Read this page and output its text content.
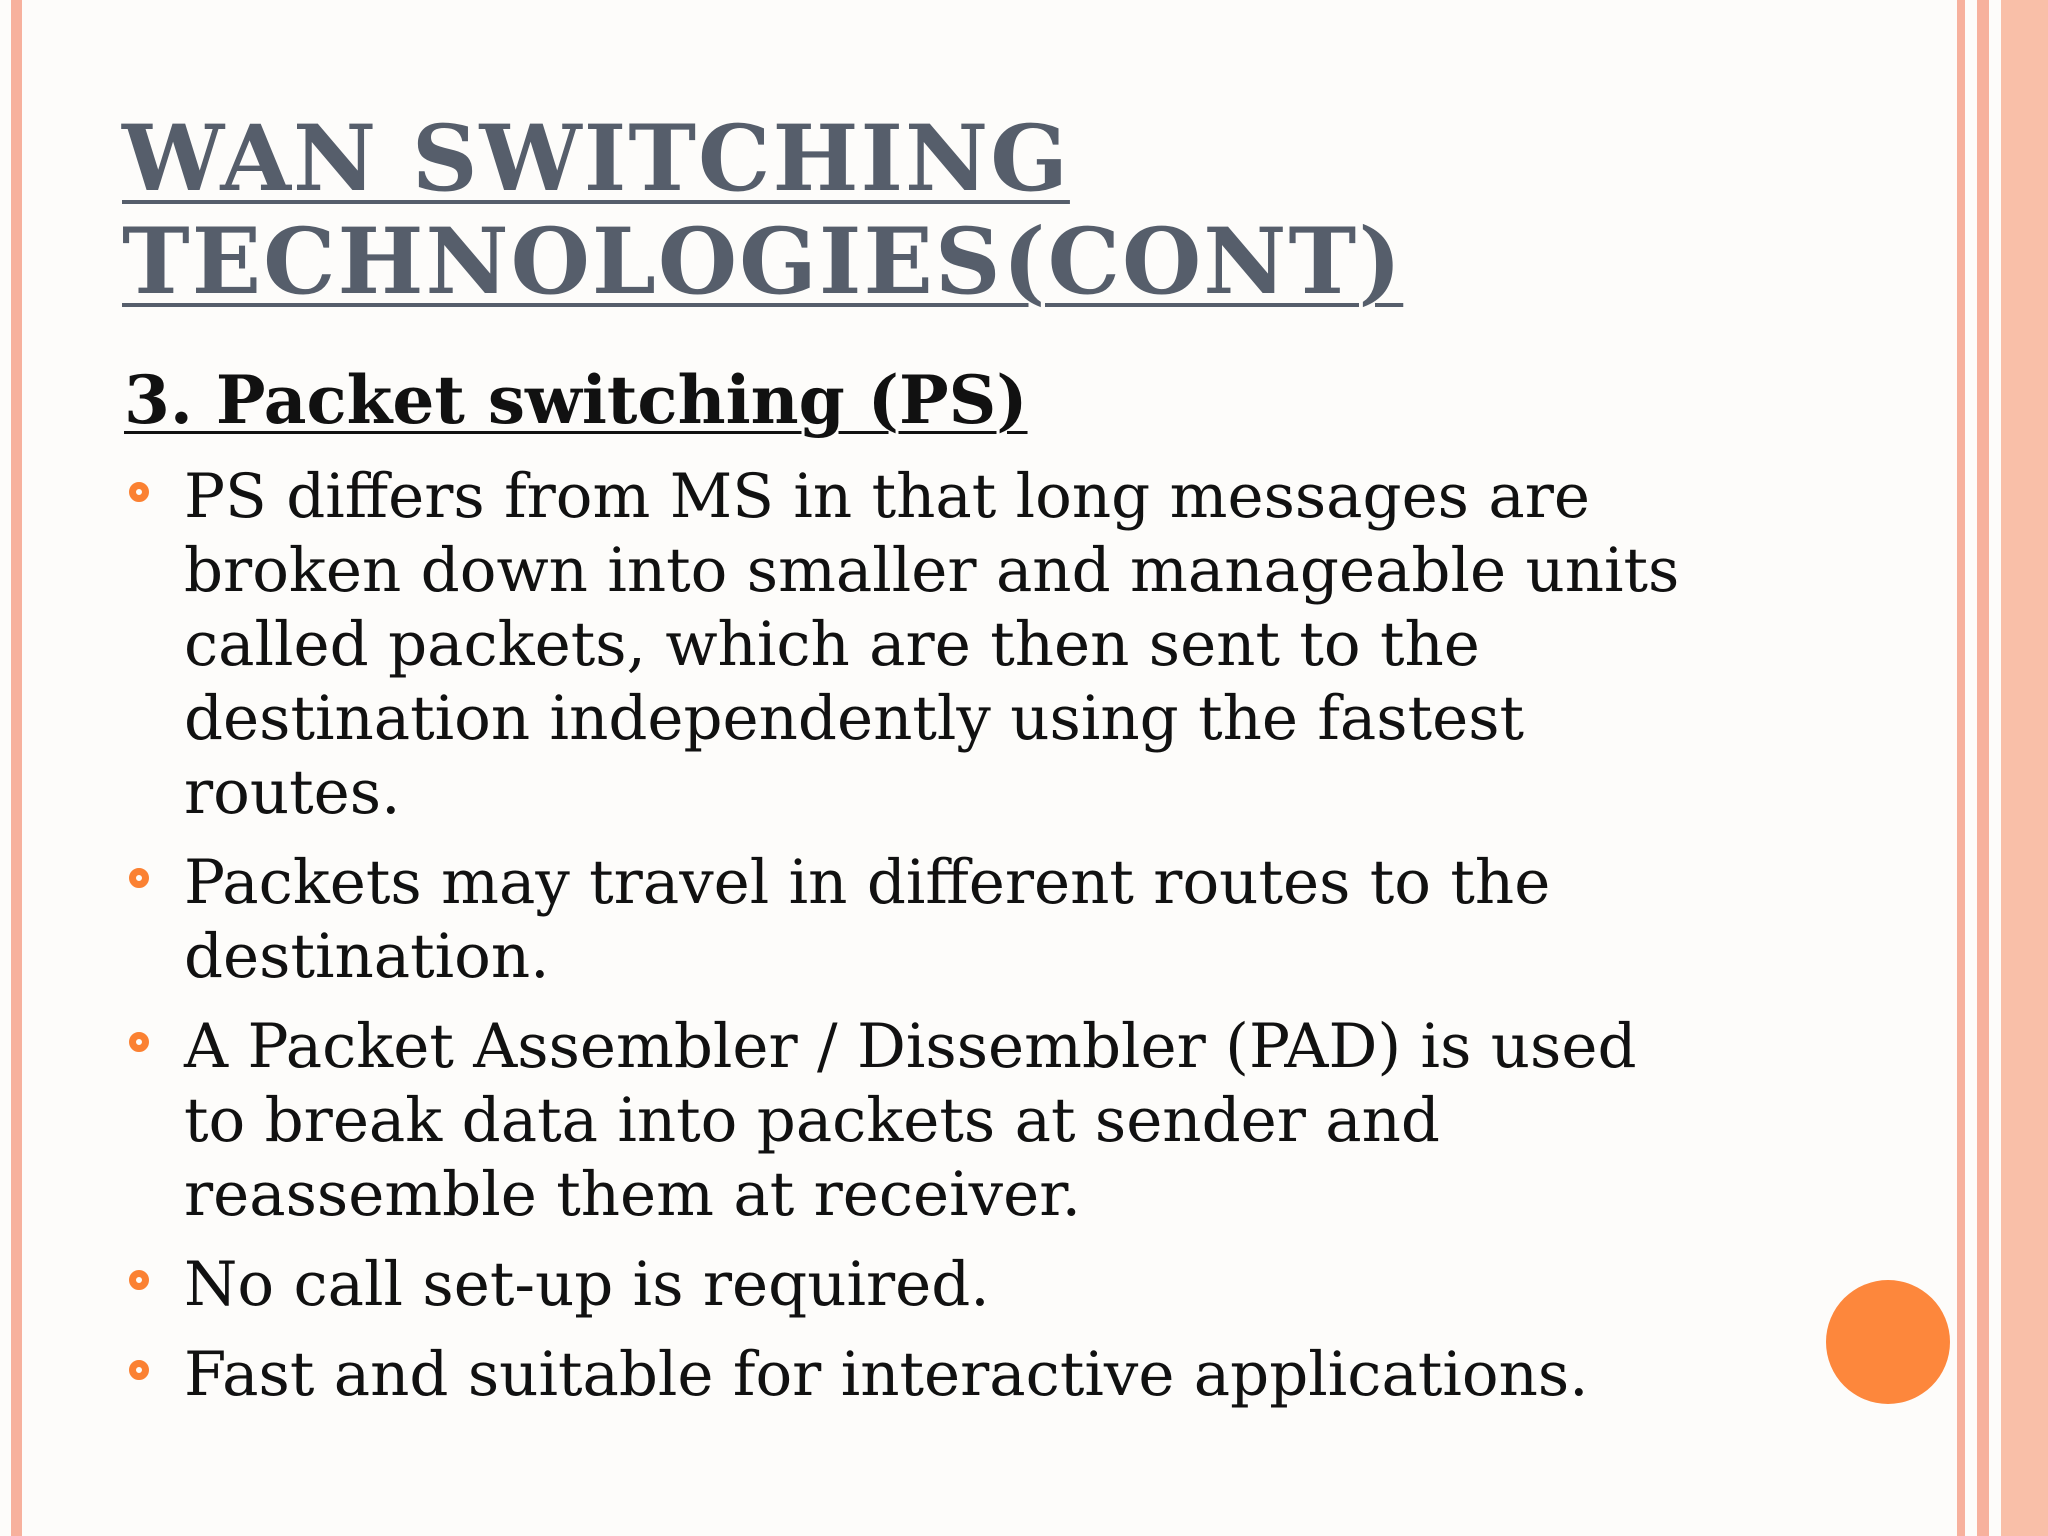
WAN SWITCHING
TECHNOLOGIES(CONT)
3. Packet switching (PS)
PS differs from MS in that long messages are broken down into smaller and manageable units called packets, which are then sent to the destination independently using the fastest routes.
Packets may travel in different routes to the destination.
A Packet Assembler / Dissembler (PAD) is used to break data into packets at sender and reassemble them at receiver.
No call set-up is required.
Fast and suitable for interactive applications.
